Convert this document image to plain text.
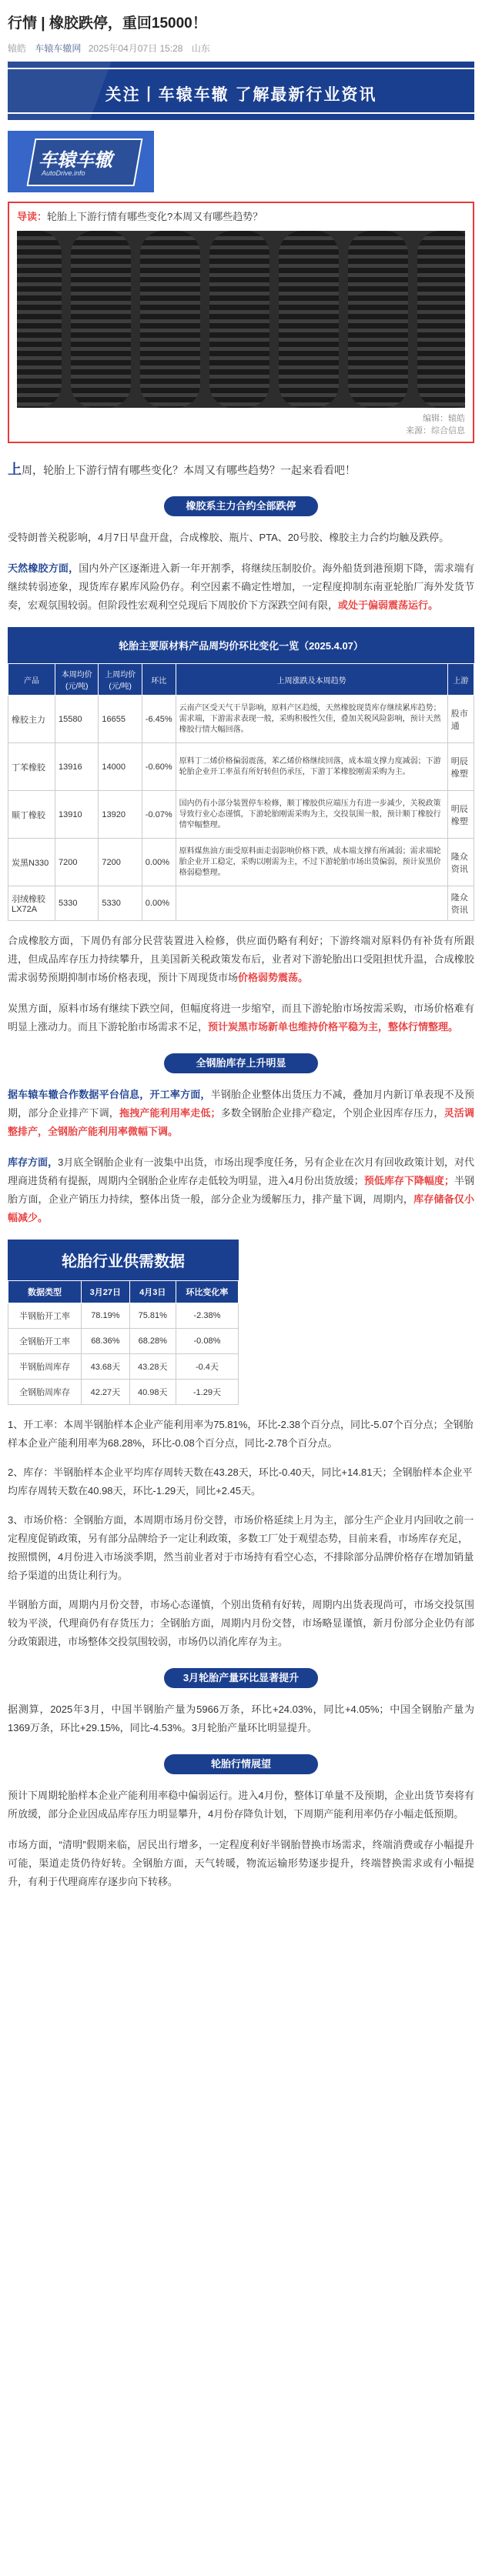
行情 | 橡胶跌停，重回15000！
辕皓 车辕车辙网 2025年04月07日 15:28 山东
关注丨车辕车辙 了解最新行业资讯
车辕车辙
AutoDrive.info

导读：轮胎上下游行情有哪些变化?本周又有哪些趋势？

编辑：辕皓
来源：综合信息

上周，轮胎上下游行情有哪些变化？本周又有哪些趋势？一起来看看吧！

橡胶系主力合约全部跌停

受特朗普关税影响，4月7日早盘开盘，合成橡胶、瓶片、PTA、20号胶、橡胶主力合约均触及跌停。

天然橡胶方面，国内外产区逐渐进入新一年开割季，将继续压制胶价。海外船货到港预期下降，需求端有继续转弱迹象，现货库存累库风险仍存。利空因素不确定性增加，一定程度抑制东南亚轮胎厂海外发货节奏，宏观氛围较弱。但阶段性宏观利空兑现后下周胶价下方深跌空间有限，或处于偏弱震荡运行。

轮胎主要原材料产品周均价环比变化一览（2025.4.07）
产品	本周均价(元/吨)	上周均价(元/吨)	环比	上周涨跌及本周趋势	上游
橡胶主力	15580	16655	-6.45%	云南产区受天气干旱影响，原料产区趋缓，天然橡胶现货库存继续累库趋势；需求端，下游需求表现一般，采购积极性欠佳，叠加关税风险影响，预计天然橡胶行情大幅回落。	股市通
丁苯橡胶	13916	14000	-0.60%	原料丁二烯价格偏弱震荡，苯乙烯价格继续回落，成本端支撑力度减弱；下游轮胎企业开工率虽有所好转但仍承压，下游丁苯橡胶刚需采购为主。	明辰橡塑
顺丁橡胶	13910	13920	-0.07%	国内仍有小部分装置停车检修，顺丁橡胶供应端压力有进一步减少，关税政策导致行业心态谨慎，下游轮胎刚需采购为主，交投氛围一般，预计顺丁橡胶行情窄幅整理。	明辰橡塑
炭黑N330	7200	7200	0.00%	原料煤焦油方面受原料面走弱影响价格下跌，成本端支撑有所减弱；需求端轮胎企业开工稳定，采购以刚需为主，不过下游轮胎市场出货偏弱，预计炭黑价格弱稳整理。	隆众资讯
羽绒橡胶LX72A	5330	5330	0.00%		隆众资讯

合成橡胶方面，下周仍有部分民营装置进入检修，供应面仍略有利好；下游终端对原料仍有补货有所跟进，但成品库存压力持续攀升，且美国新关税政策发布后，业者对下游轮胎出口受阻担忧升温，合成橡胶需求弱势预期抑制市场价格表现，预计下周现货市场价格弱势震荡。

炭黑方面，原料市场有继续下跌空间，但幅度将进一步缩窄，而且下游轮胎市场按需采购，市场价格难有明显上涨动力。而且下游轮胎市场需求不足，预计炭黑市场新单也维持价格平稳为主，整体行情整理。

全钢胎库存上升明显

据车辕车辙合作数据平台信息，开工率方面，半钢胎企业整体出货压力不减，叠加月内新订单表现不及预期，部分企业排产下调，拖拽产能利用率走低；多数全钢胎企业排产稳定，个别企业因库存压力，灵活调整排产，全钢胎产能利用率微幅下调。

库存方面，3月底全钢胎企业有一波集中出货，市场出现季度任务，另有企业在次月有回收政策计划，对代理商进货稍有提振，周期内全钢胎企业库存走低较为明显，进入4月份出货放缓；预低库存下降幅度；半钢胎方面，企业产销压力持续，整体出货一般，部分企业为缓解压力，排产量下调，周期内，库存储备仅小幅减少。

轮胎行业供需数据
数据类型	3月27日	4月3日	环比变化率
半钢胎开工率	78.19%	75.81%	-2.38%
全钢胎开工率	68.36%	68.28%	-0.08%
半钢胎周库存	43.68天	43.28天	-0.4天
全钢胎周库存	42.27天	40.98天	-1.29天

1、开工率：本周半钢胎样本企业产能利用率为75.81%，环比-2.38个百分点，同比-5.07个百分点；全钢胎样本企业产能利用率为68.28%，环比-0.08个百分点，同比-2.78个百分点。

2、库存：半钢胎样本企业平均库存周转天数在43.28天，环比-0.40天，同比+14.81天；全钢胎样本企业平均库存周转天数在40.98天，环比-1.29天，同比+2.45天。

3、市场价格：全钢胎方面，本周期市场月份交替，市场价格延续上月为主，部分生产企业月内回收之前一定程度促销政策，另有部分品牌给予一定让利政策，多数工厂处于观望态势，目前来看，市场库存充足，按照惯例，4月份进入市场淡季期，然当前业者对于市场持有看空心态，不排除部分品牌价格存在增加销量给予渠道的出货让利行为。

半钢胎方面，周期内月份交替，市场心态谨慎，个别出货稍有好转，周期内出货表现尚可，市场交投氛围较为平淡，代理商仍有存货压力；全钢胎方面，周期内月份交替，市场略显谨慎，新月份部分企业仍有部分政策跟进，市场整体交投氛围较弱，市场仍以消化库存为主。

3月轮胎产量环比显著提升

据测算，2025年3月，中国半钢胎产量为5966万条，环比+24.03%，同比+4.05%；中国全钢胎产量为1369万条，环比+29.15%，同比-4.53%。3月轮胎产量环比明显提升。

轮胎行情展望

预计下周期轮胎样本企业产能利用率稳中偏弱运行。进入4月份，整体订单量不及预期，企业出货节奏将有所放缓，部分企业因成品库存压力明显攀升，4月份存降负计划，下周期产能利用率仍存小幅走低预期。

市场方面，“清明”假期来临，居民出行增多，一定程度利好半钢胎替换市场需求，终端消费或存小幅提升可能，渠道走货仍待好转。全钢胎方面，天气转暖，物流运输形势逐步提升，终端替换需求或有小幅提升，有利于代理商库存逐步向下转移。
